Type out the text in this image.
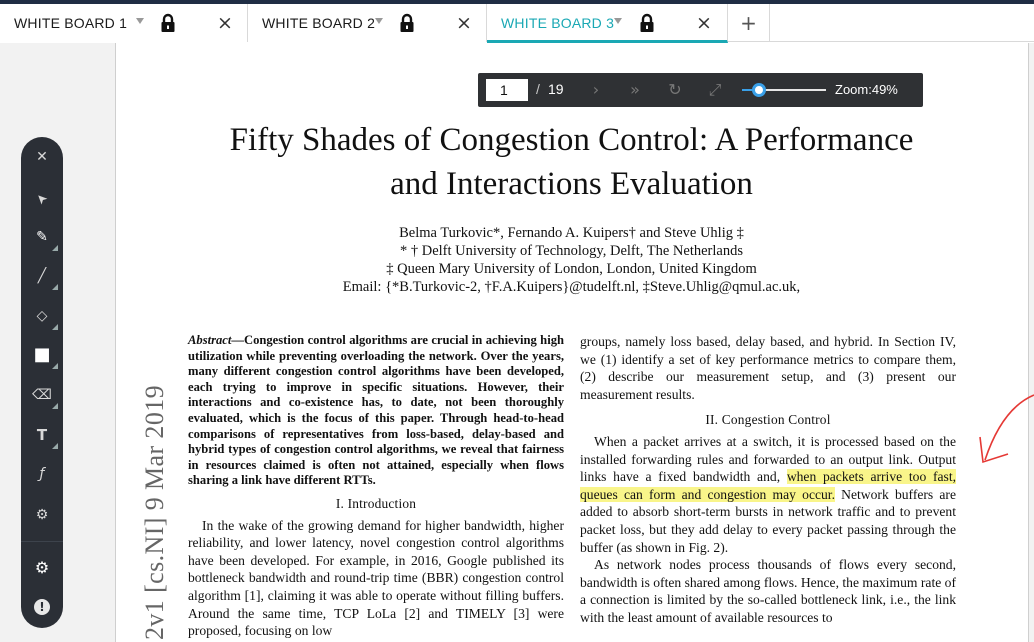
WHITE BOARD 1	× WHITE BOARD 2	× WHITE BOARD 3	×	+
Fifty Shades of Congestion Control: A Performance
and Interactions Evaluation
Belma Turkovic*, Fernando A. Kuipers† and Steve Uhlig ‡
* † Delft University of Technology, Delft, The Netherlands
‡ Queen Mary University of London, London, United Kingdom
Email: {*B.Turkovic-2, †F.A.Kuipers}@tudelft.nl, ‡Steve.Uhlig@qmul.ac.uk,
2v1 [cs.NI] 9 Mar 2019

Abstract—Congestion control algorithms are crucial in achieving high utilization while preventing overloading the network. Over the years, many different congestion control algorithms have been developed, each trying to improve in specific situations. However, their interactions and co-existence has, to date, not been thoroughly evaluated, which is the focus of this paper. Through head-to-head comparisons of representatives from loss-based, delay-based and hybrid types of congestion control algorithms, we reveal that fairness in resources claimed is often not attained, especially when flows sharing a link have different RTTs.

I. Introduction

In the wake of the growing demand for higher bandwidth, higher reliability, and lower latency, novel congestion control algorithms have been developed. For example, in 2016, Google published its bottleneck bandwidth and round-trip time (BBR) congestion control algorithm [1], claiming it was able to operate without filling buffers. Around the same time, TCP LoLa [2] and TIMELY [3] were proposed, focusing on low

groups, namely loss based, delay based, and hybrid. In Section IV, we (1) identify a set of key performance metrics to compare them, (2) describe our measurement setup, and (3) present our measurement results.

II. Congestion Control

When a packet arrives at a switch, it is processed based on the installed forwarding rules and forwarded to an output link. Output links have a fixed bandwidth and, when packets arrive too fast, queues can form and congestion may occur. Network buffers are added to absorb short-term bursts in network traffic and to prevent packet loss, but they add delay to every packet passing through the buffer (as shown in Fig. 2).

As network nodes process thousands of flows every second, bandwidth is often shared among flows. Hence, the maximum rate of a connection is limited by the so-called bottleneck link, i.e., the link with the least amount of available resources to

1
/ 19	›	»	↻ ⤢	Zoom:49%
✕
➤
✎
╱
◇
■
⌫
T
ƒ
⚙
⚙
!
